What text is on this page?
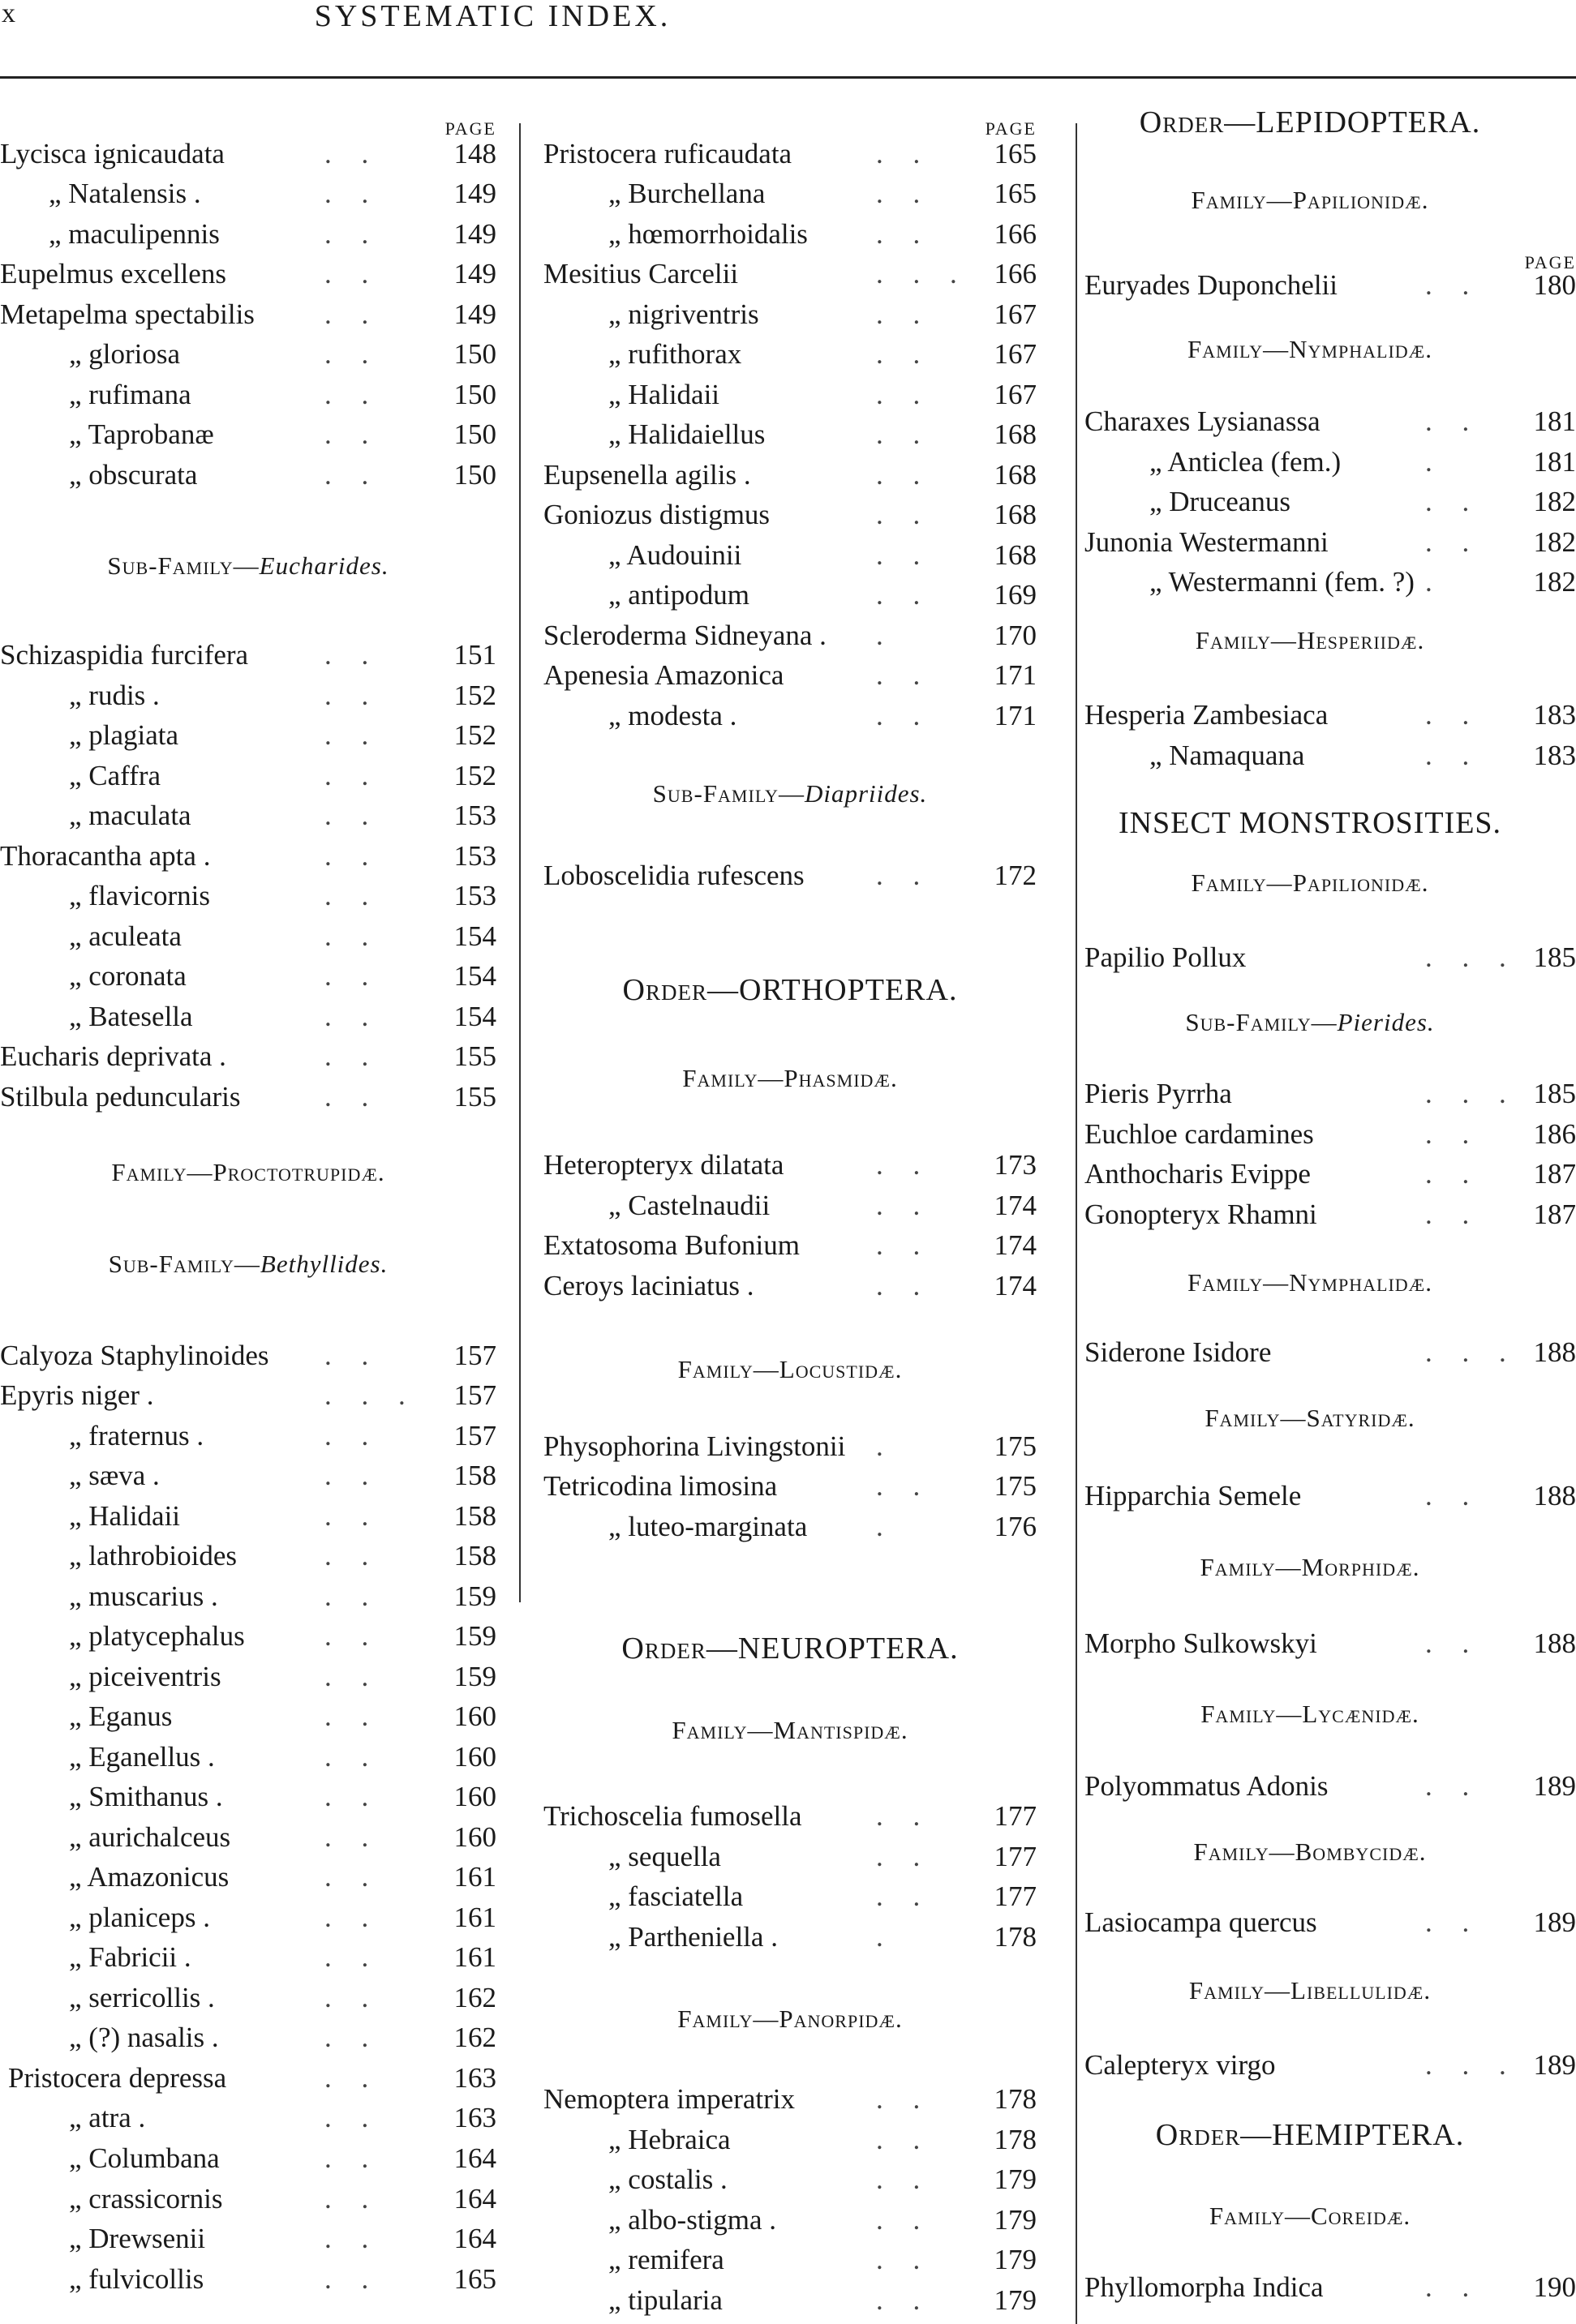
x	SYSTEMATIC INDEX.
PAGE
Lycisca ignicaudata	. .	148
„ Natalensis .	. .	149
„ maculipennis	. .	149
Eupelmus excellens	. .	149
Metapelma spectabilis . .	149
„ gloriosa	. .	150
„ rufimana	. .	150
„ Taprobanæ	. .	150
„ obscurata	. .	150
Schizaspidia furcifera	. .	151
„ rudis .	. .	152
„ plagiata	. .	152
„ Caffra	. .	152
„ maculata	. .	153
Thoracantha apta .	. .	153
„ flavicornis	. .	153
„ aculeata	. .	154
„ coronata	. .	154
„ Batesella	. .	154
Eucharis deprivata .	. .	155
Stilbula peduncularis	. .	155
Calyoza Staphylinoides . .	157
Epyris niger .	. . . 157
„ fraternus .	. .	157
„ sæva .	. .	158
„ Halidaii	. .	158
„ lathrobioides	. .	158
„ muscarius .	. .	159
„ platycephalus	. .	159
„ piceiventris	. .	159
„ Eganus	. .	160
„ Eganellus .	. .	160
„ Smithanus .	. .	160
„ aurichalceus	. .	160
„ Amazonicus	. .	161
„ planiceps .	. .	161
„ Fabricii .	. .	161
„ serricollis .	. .	162
„ (?) nasalis .	. .	162
Pristocera depressa	. .	163
„ atra .	. .	163
„ Columbana	. .	164
„ crassicornis	. .	164
„ Drewsenii	. .	164
„ fulvicollis	. .	165
Sub-Family—Eucharides.
Family—Proctotrupidæ.
Sub-Family—Bethyllides.
PAGE
Pristocera ruficaudata	. . 165
„ Burchellana	. . 165
„ hœmorrhoidalis . . 166
Mesitius Carcelii	. . . 166
„ nigriventris	. . 167
„ rufithorax	. . 167
„ Halidaii	. . 167
„ Halidaiellus	. . 168
Eupsenella agilis .	. . 168
Goniozus distigmus	. . 168
„ Audouinii	. . 168
„ antipodum	. . 169
Scleroderma Sidneyana . .	170
Apenesia Amazonica	. . 171
„ modesta .	. . 171
Loboscelidia rufescens	. . 172
Heteropteryx dilatata	. . 173
„ Castelnaudii	. . 174
Extatosoma Bufonium	. . 174
Ceroys laciniatus .	. . 174
Physophorina Livingstonii .	175
Tetricodina limosina	. . 175
„ luteo-marginata .	176
Trichoscelia fumosella	. . 177
„ sequella	. . 177
„ fasciatella	. . 177
„ Partheniella .	.	178
Nemoptera imperatrix	. . 178
„ Hebraica	. . 178
„ costalis .	. . 179
„ albo-stigma .	. . 179
„ remifera	. . 179
„ tipularia	. . 179
Sub-Family—Diapriides.
Order—ORTHOPTERA.
Family—Phasmidæ.
Family—Locustidæ.
Order—NEUROPTERA.
Family—Mantispidæ.
Family—Panorpidæ.
PAGE
Euryades Duponchelii	. . 180
Charaxes Lysianassa	. . 181
„ Anticlea (fem.)	.	181
„ Druceanus	. . 182
Junonia Westermanni	. . 182
„ Westermanni (fem. ?) .	182
Hesperia Zambesiaca	. . 183
„ Namaquana	. . 183
Papilio Pollux	. . . 185
Pieris Pyrrha	. . . 185
Euchloe cardamines	. . 186
Anthocharis Evippe	. . 187
Gonopteryx Rhamni	. . 187
Siderone Isidore	. . . 188
Hipparchia Semele	. . 188
Morpho Sulkowskyi	. . 188
Polyommatus Adonis	. . 189
Lasiocampa quercus	. . 189
Calepteryx virgo	. . . 189
Phyllomorpha Indica	. . 190
Order—LEPIDOPTERA.
Family—Papilionidæ.
Family—Nymphalidæ.
Family—Hesperiidæ.
INSECT MONSTROSITIES.
Family—Papilionidæ.
Sub-Family—Pierides.
Family—Nymphalidæ.
Family—Satyridæ.
Family—Morphidæ.
Family—Lycænidæ.
Family—Bombycidæ.
Family—Libellulidæ.
Order—HEMIPTERA.
Family—Coreidæ.
